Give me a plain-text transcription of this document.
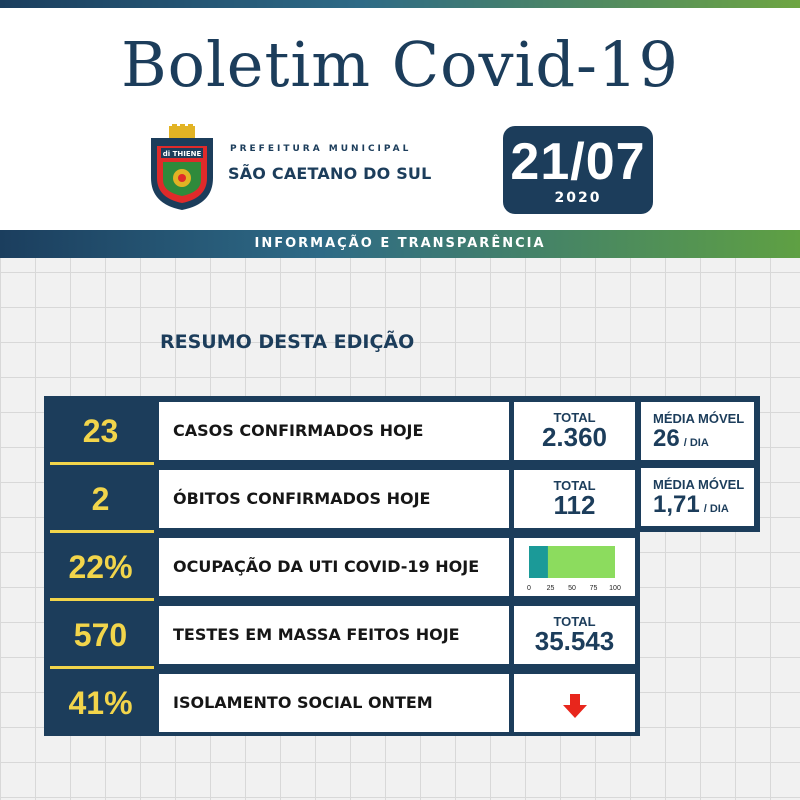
Boletim Covid-19
di THIENE	PREFEITURA MUNICIPAL
SÃO CAETANO DO SUL 21/07
2020
INFORMAÇÃO E TRANSPARÊNCIA
RESUMO DESTA EDIÇÃO
23	CASOS CONFIRMADOS HOJE
TOTAL
2.360
MÉDIA MÓVEL
26 / DIA
2	ÓBITOS CONFIRMADOS HOJE
TOTAL
112
MÉDIA MÓVEL
1,71 / DIA
22%	OCUPAÇÃO DA UTI COVID-19 HOJE
0 25 50 75 100
570	TESTES EM MASSA FEITOS HOJE
TOTAL
35.543
41%	ISOLAMENTO SOCIAL ONTEM
